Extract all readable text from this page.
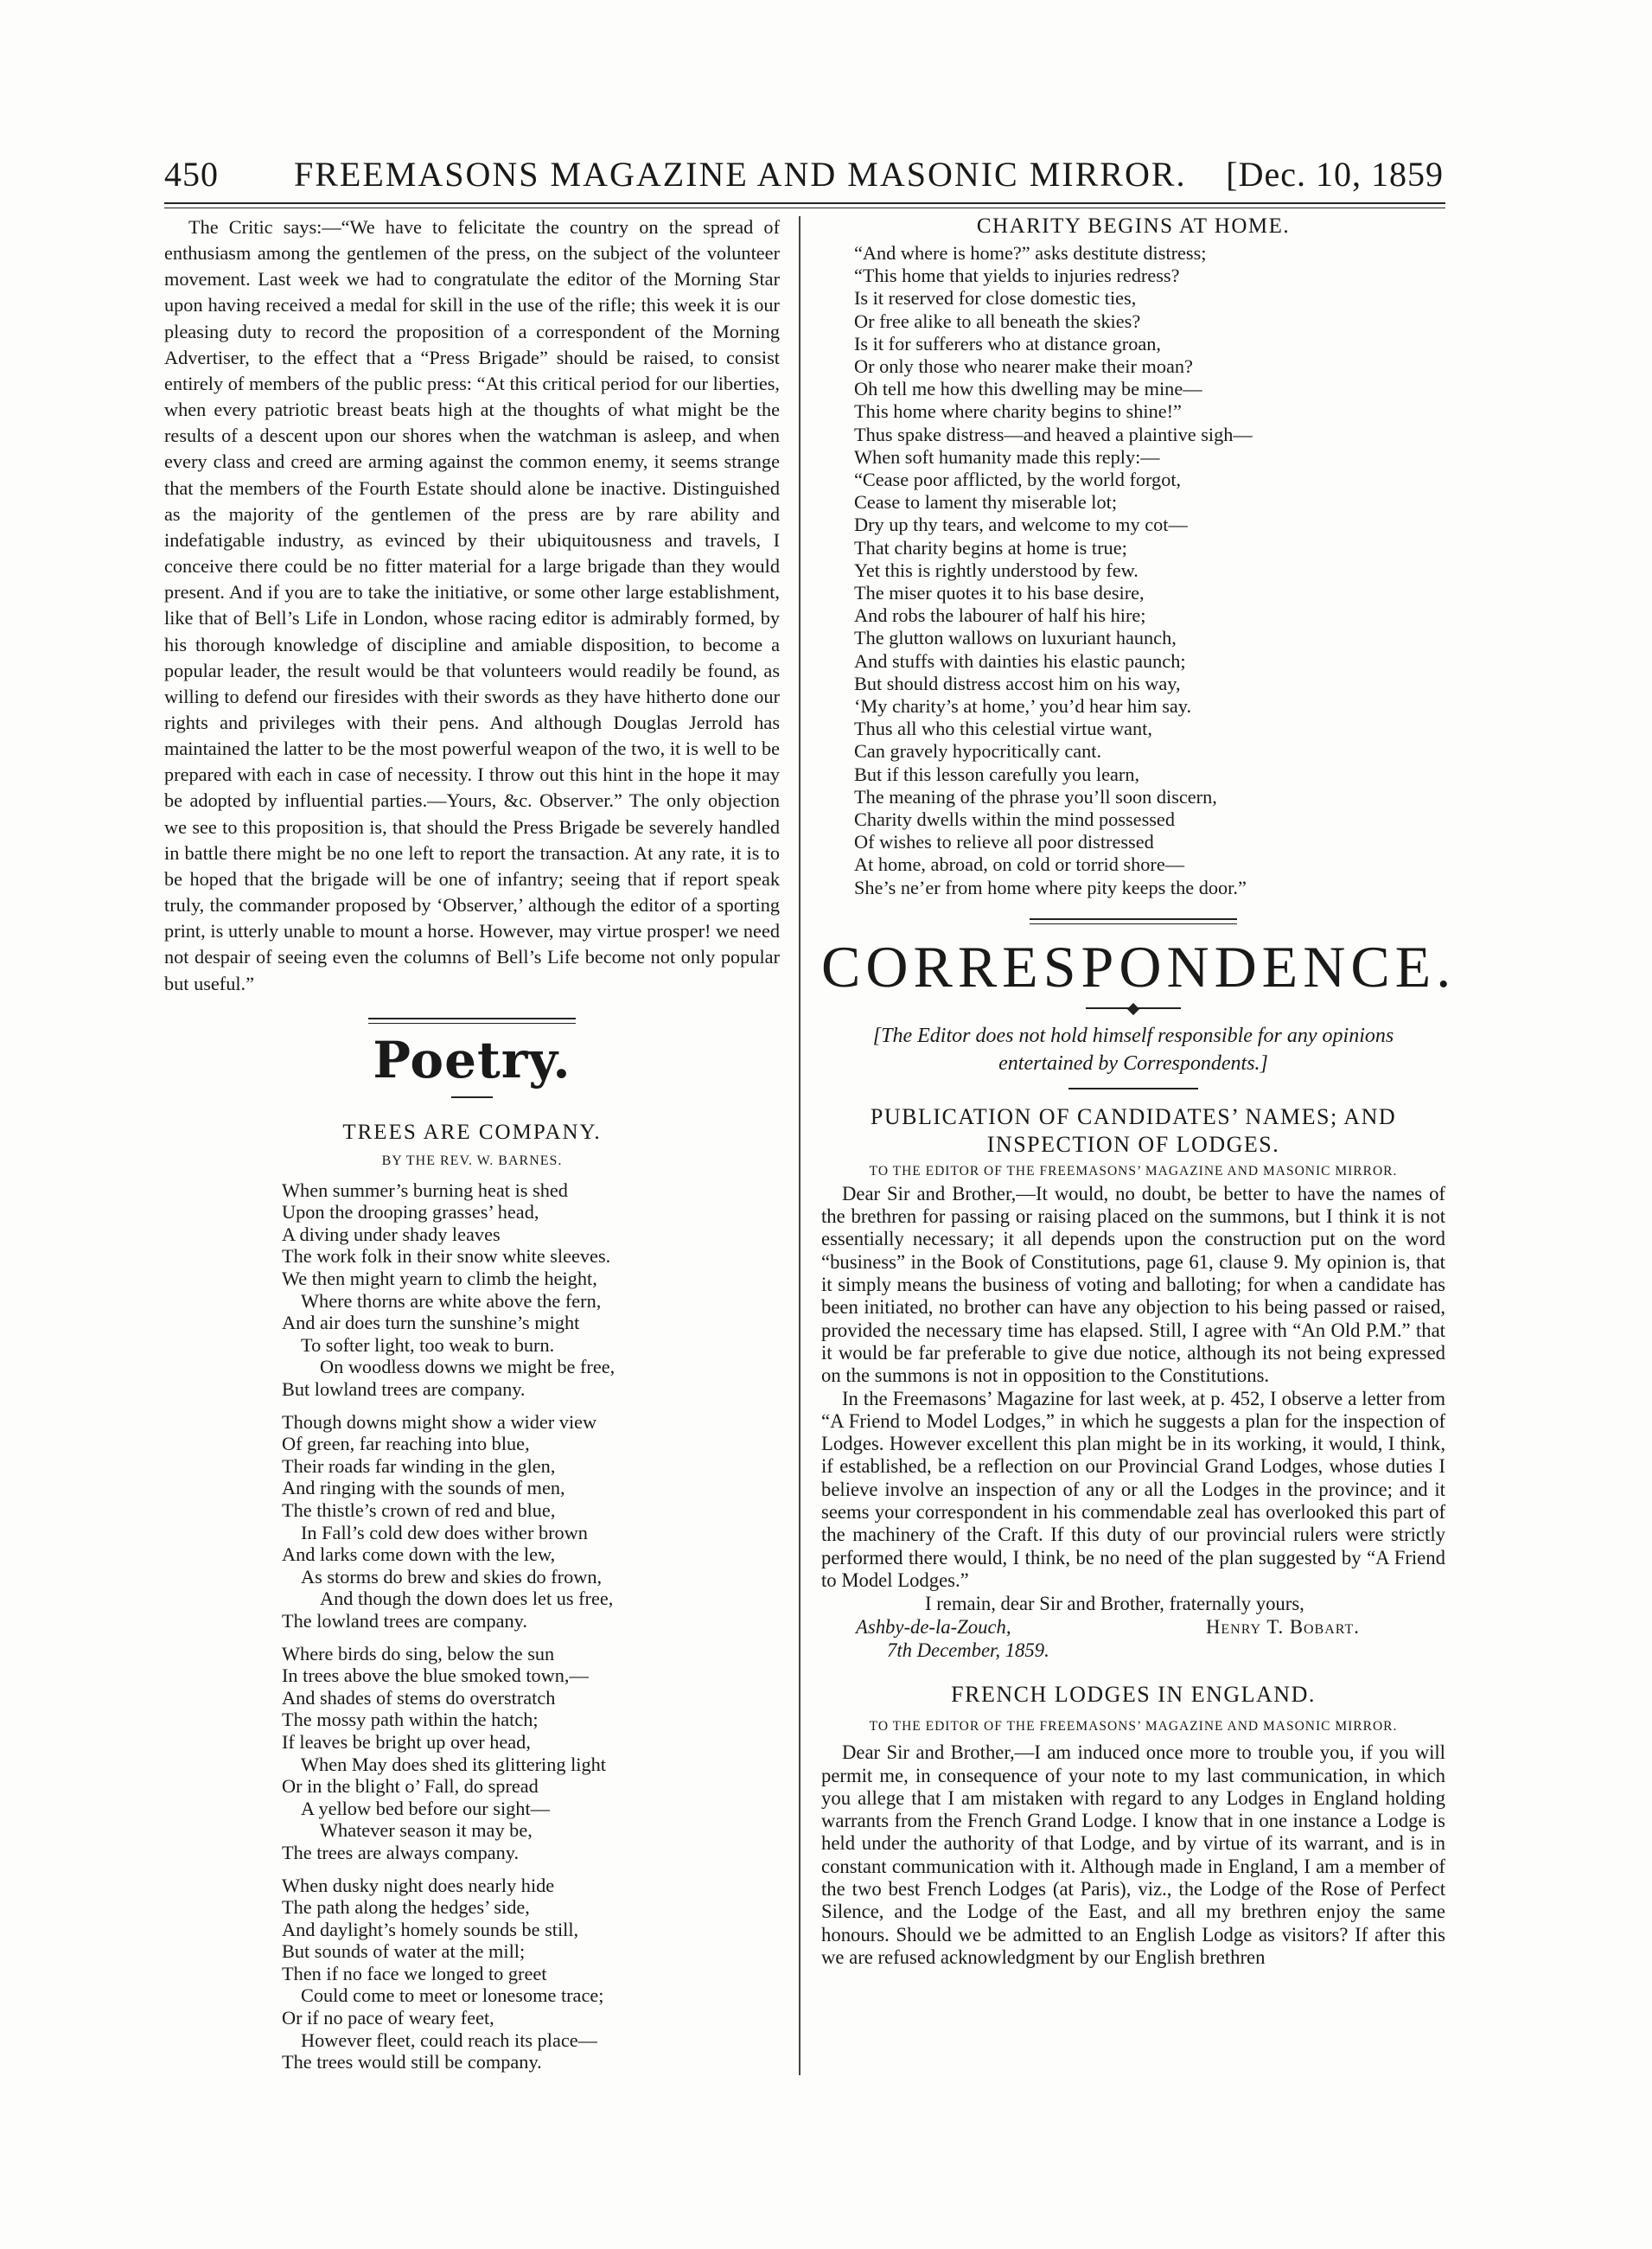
450 FREEMASONS MAGAZINE AND MASONIC MIRROR. [Dec. 10, 1859

The Critic says:—“We have to felicitate the country on the spread of enthusiasm among the gentlemen of the press, on the subject of the volunteer movement. Last week we had to congratulate the editor of the Morning Star upon having received a medal for skill in the use of the rifle; this week it is our pleasing duty to record the proposition of a correspondent of the Morning Advertiser, to the effect that a “Press Brigade” should be raised, to consist entirely of members of the public press: “At this critical period for our liberties, when every patriotic breast beats high at the thoughts of what might be the results of a descent upon our shores when the watchman is asleep, and when every class and creed are arming against the common enemy, it seems strange that the members of the Fourth Estate should alone be inactive. Distinguished as the majority of the gentlemen of the press are by rare ability and indefatigable industry, as evinced by their ubiquitousness and travels, I conceive there could be no fitter material for a large brigade than they would present. And if you are to take the initiative, or some other large establishment, like that of Bell’s Life in London, whose racing editor is admirably formed, by his thorough knowledge of discipline and amiable disposition, to become a popular leader, the result would be that volunteers would readily be found, as willing to defend our firesides with their swords as they have hitherto done our rights and privileges with their pens. And although Douglas Jerrold has maintained the latter to be the most powerful weapon of the two, it is well to be prepared with each in case of necessity. I throw out this hint in the hope it may be adopted by influential parties.—Yours, &c. Observer.” The only objection we see to this proposition is, that should the Press Brigade be severely handled in battle there might be no one left to report the transaction. At any rate, it is to be hoped that the brigade will be one of infantry; seeing that if report speak truly, the commander proposed by ‘Observer,’ although the editor of a sporting print, is utterly unable to mount a horse. However, may virtue prosper! we need not despair of seeing even the columns of Bell’s Life become not only popular but useful.”

Poetry.
TREES ARE COMPANY.
BY THE REV. W. BARNES.
When summer’s burning heat is shed
Upon the drooping grasses’ head,
A diving under shady leaves
The work folk in their snow white sleeves.
We then might yearn to climb the height,
Where thorns are white above the fern,
And air does turn the sunshine’s might
To softer light, too weak to burn.
On woodless downs we might be free,
But lowland trees are company.
Though downs might show a wider view
Of green, far reaching into blue,
Their roads far winding in the glen,
And ringing with the sounds of men,
The thistle’s crown of red and blue,
In Fall’s cold dew does wither brown
And larks come down with the lew,
As storms do brew and skies do frown,
And though the down does let us free,
The lowland trees are company.
Where birds do sing, below the sun
In trees above the blue smoked town,—
And shades of stems do overstratch
The mossy path within the hatch;
If leaves be bright up over head,
When May does shed its glittering light
Or in the blight o’ Fall, do spread
A yellow bed before our sight—
Whatever season it may be,
The trees are always company.
When dusky night does nearly hide
The path along the hedges’ side,
And daylight’s homely sounds be still,
But sounds of water at the mill;
Then if no face we longed to greet
Could come to meet or lonesome trace;
Or if no pace of weary feet,
However fleet, could reach its place—
The trees would still be company.
CHARITY BEGINS AT HOME.
“And where is home?” asks destitute distress;
“This home that yields to injuries redress?
Is it reserved for close domestic ties,
Or free alike to all beneath the skies?
Is it for sufferers who at distance groan,
Or only those who nearer make their moan?
Oh tell me how this dwelling may be mine—
This home where charity begins to shine!”
Thus spake distress—and heaved a plaintive sigh—
When soft humanity made this reply:—
“Cease poor afflicted, by the world forgot,
Cease to lament thy miserable lot;
Dry up thy tears, and welcome to my cot—
That charity begins at home is true;
Yet this is rightly understood by few.
The miser quotes it to his base desire,
And robs the labourer of half his hire;
The glutton wallows on luxuriant haunch,
And stuffs with dainties his elastic paunch;
But should distress accost him on his way,
‘My charity’s at home,’ you’d hear him say.
Thus all who this celestial virtue want,
Can gravely hypocritically cant.
But if this lesson carefully you learn,
The meaning of the phrase you’ll soon discern,
Charity dwells within the mind possessed
Of wishes to relieve all poor distressed
At home, abroad, on cold or torrid shore—
She’s ne’er from home where pity keeps the door.”
CORRESPONDENCE.
[The Editor does not hold himself responsible for any opinions entertained by Correspondents.]
PUBLICATION OF CANDIDATES’ NAMES; AND
INSPECTION OF LODGES.
TO THE EDITOR OF THE FREEMASONS’ MAGAZINE AND MASONIC MIRROR.

Dear Sir and Brother,—It would, no doubt, be better to have the names of the brethren for passing or raising placed on the summons, but I think it is not essentially necessary; it all depends upon the construction put on the word “business” in the Book of Constitutions, page 61, clause 9. My opinion is, that it simply means the business of voting and balloting; for when a candidate has been initiated, no brother can have any objection to his being passed or raised, provided the necessary time has elapsed. Still, I agree with “An Old P.M.” that it would be far preferable to give due notice, although its not being expressed on the summons is not in opposition to the Constitutions.

In the Freemasons’ Magazine for last week, at p. 452, I observe a letter from “A Friend to Model Lodges,” in which he suggests a plan for the inspection of Lodges. However excellent this plan might be in its working, it would, I think, if established, be a reflection on our Provincial Grand Lodges, whose duties I believe involve an inspection of any or all the Lodges in the province; and it seems your correspondent in his commendable zeal has overlooked this part of the machinery of the Craft. If this duty of our provincial rulers were strictly performed there would, I think, be no need of the plan suggested by “A Friend to Model Lodges.”

I remain, dear Sir and Brother, fraternally yours,
Ashby-de-la-Zouch,	Henry T. Bobart.
7th December, 1859.
FRENCH LODGES IN ENGLAND.
TO THE EDITOR OF THE FREEMASONS’ MAGAZINE AND MASONIC MIRROR.

Dear Sir and Brother,—I am induced once more to trouble you, if you will permit me, in consequence of your note to my last communication, in which you allege that I am mistaken with regard to any Lodges in England holding warrants from the French Grand Lodge. I know that in one instance a Lodge is held under the authority of that Lodge, and by virtue of its warrant, and is in constant communication with it. Although made in England, I am a member of the two best French Lodges (at Paris), viz., the Lodge of the Rose of Perfect Silence, and the Lodge of the East, and all my brethren enjoy the same honours. Should we be admitted to an English Lodge as visitors? If after this we are refused acknowledgment by our English brethren
